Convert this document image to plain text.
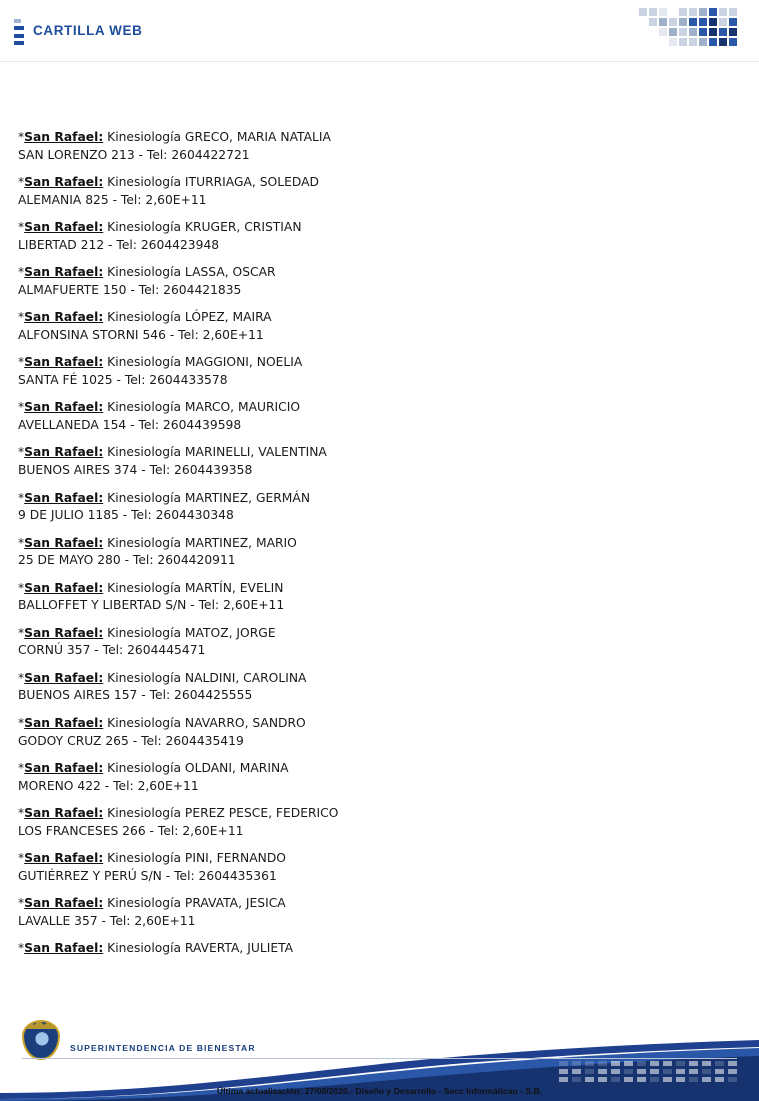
CARTILLA WEB
*San Rafael: Kinesiología GRECO, MARIA NATALIA
SAN LORENZO 213 - Tel: 2604422721
*San Rafael: Kinesiología ITURRIAGA, SOLEDAD
ALEMANIA 825 - Tel: 2,60E+11
*San Rafael: Kinesiología KRUGER, CRISTIAN
LIBERTAD 212 - Tel: 2604423948
*San Rafael: Kinesiología LASSA, OSCAR
ALMAFUERTE 150 - Tel: 2604421835
*San Rafael: Kinesiología LÓPEZ, MAIRA
ALFONSINA STORNI 546 - Tel: 2,60E+11
*San Rafael: Kinesiología MAGGIONI, NOELIA
SANTA FÉ 1025 - Tel: 2604433578
*San Rafael: Kinesiología MARCO, MAURICIO
AVELLANEDA 154 - Tel: 2604439598
*San Rafael: Kinesiología MARINELLI, VALENTINA
BUENOS AIRES 374 - Tel: 2604439358
*San Rafael: Kinesiología MARTINEZ, GERMÁN
9 DE JULIO 1185 - Tel: 2604430348
*San Rafael: Kinesiología MARTINEZ, MARIO
25 DE MAYO 280 - Tel: 2604420911
*San Rafael: Kinesiología MARTÍN, EVELIN
BALLOFFET Y LIBERTAD S/N - Tel: 2,60E+11
*San Rafael: Kinesiología MATOZ, JORGE
CORNÚ 357 - Tel: 2604445471
*San Rafael: Kinesiología NALDINI, CAROLINA
BUENOS AIRES 157 - Tel: 2604425555
*San Rafael: Kinesiología NAVARRO, SANDRO
GODOY CRUZ 265 - Tel: 2604435419
*San Rafael: Kinesiología OLDANI, MARINA
MORENO 422 - Tel: 2,60E+11
*San Rafael: Kinesiología PEREZ PESCE, FEDERICO
LOS FRANCESES 266 - Tel: 2,60E+11
*San Rafael: Kinesiología PINI, FERNANDO
GUTIÉRREZ Y PERÚ S/N - Tel: 2604435361
*San Rafael: Kinesiología PRAVATA, JESICA
LAVALLE 357 - Tel: 2,60E+11
*San Rafael: Kinesiología RAVERTA, JULIETA
SUPERINTENDENCIA DE BIENESTAR
Última actualización: 27/08/2020.- Diseño y Desarrollo - Secc Informáticao - S.B.
